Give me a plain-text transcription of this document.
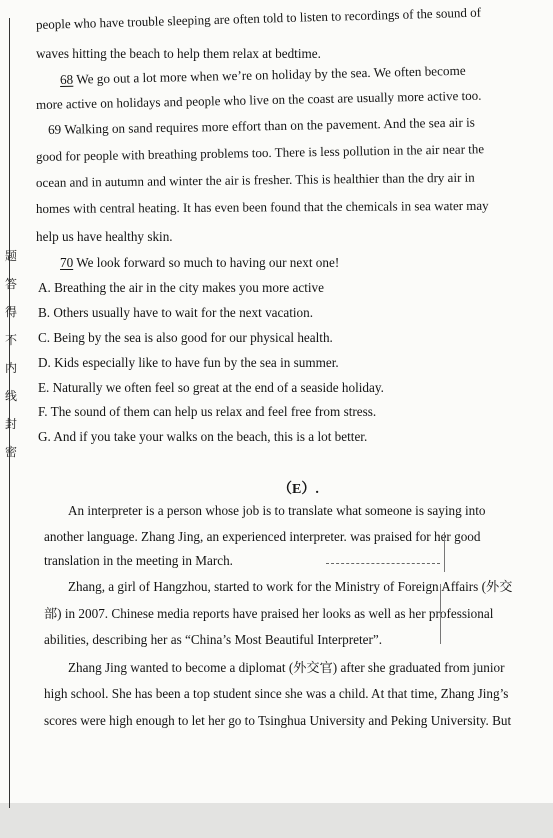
题
答
得
不
内
线
封
密
people who have trouble sleeping are often told to listen to recordings of the sound of
waves hitting the beach to help them relax at bedtime.
68 We go out a lot more when we’re on holiday by the sea. We often become
more active on holidays and people who live on the coast are usually more active too.
69 Walking on sand requires more effort than on the pavement. And the sea air is
good for people with breathing problems too. There is less pollution in the air near the
ocean and in autumn and winter the air is fresher. This is healthier than the dry air in
homes with central heating. It has even been found that the chemicals in sea water may
help us have healthy skin.
70 We look forward so much to having our next one!
A. Breathing the air in the city makes you more active
B. Others usually have to wait for the next vacation.
C. Being by the sea is also good for our physical health.
D. Kids especially like to have fun by the sea in summer.
E. Naturally we often feel so great at the end of a seaside holiday.
F. The sound of them can help us relax and feel free from stress.
G. And if you take your walks on the beach, this is a lot better.
（E）.
An interpreter is a person whose job is to translate what someone is saying into
another language. Zhang Jing, an experienced interpreter. was praised for her good
translation in the meeting in March.
Zhang, a girl of Hangzhou, started to work for the Ministry of Foreign Affairs (外交
部) in 2007. Chinese media reports have praised her looks as well as her professional
abilities, describing her as “China’s Most Beautiful Interpreter”.
Zhang Jing wanted to become a diplomat (外交官) after she graduated from junior
high school. She has been a top student since she was a child. At that time, Zhang Jing’s
scores were high enough to let her go to Tsinghua University and Peking University. But
